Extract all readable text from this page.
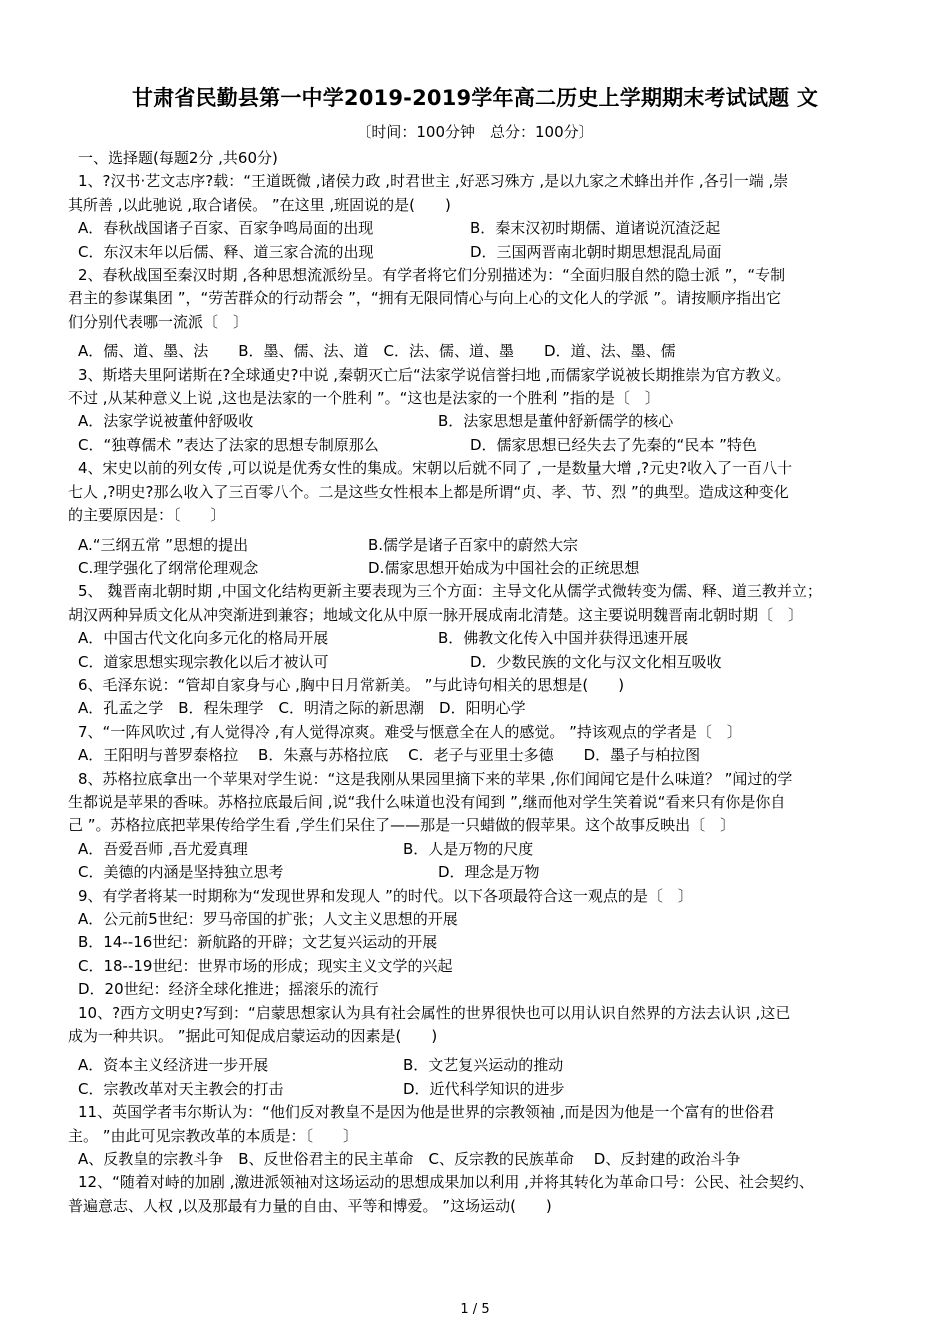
甘肃省民勤县第一中学2019-2019学年高二历史上学期期末考试试题 文
〔时间：100分钟　总分：100分〕
一、选择题(每题2分 ,共60分)
1、?汉书·艺文志序?载：“王道既微 ,诸侯力政 ,时君世主 ,好恶习殊方 ,是以九家之术蜂出并作 ,各引一端 ,崇
其所善 ,以此驰说 ,取合诸侯。 ”在这里 ,班固说的是(　　)
A．春秋战国诸子百家、百家争鸣局面的出现	B．秦末汉初时期儒、道诸说沉渣泛起
C．东汉末年以后儒、释、道三家合流的出现	D．三国两晋南北朝时期思想混乱局面
2、春秋战国至秦汉时期 ,各种思想流派纷呈。有学者将它们分别描述为：“全面归服自然的隐士派 ”，“专制
君主的参谋集团 ”，“劳苦群众的行动帮会 ”，“拥有无限同情心与向上心的文化人的学派 ”。请按顺序指出它
们分别代表哪一流派〔　〕
A．儒、道、墨、法　　B．墨、儒、法、道　C．法、儒、道、墨　　D．道、法、墨、儒
3、斯塔夫里阿诺斯在?全球通史?中说 ,秦朝灭亡后“法家学说信誉扫地 ,而儒家学说被长期推崇为官方教义。
不过 ,从某种意义上说 ,这也是法家的一个胜利 ”。“这也是法家的一个胜利 ”指的是〔　〕
A．法家学说被董仲舒吸收	B．法家思想是董仲舒新儒学的核心
C．“独尊儒术 ”表达了法家的思想专制原那么	D．儒家思想已经失去了先秦的“民本 ”特色
4、宋史以前的列女传 ,可以说是优秀女性的集成。宋朝以后就不同了 ,一是数量大增 ,?元史?收入了一百八十
七人 ,?明史?那么收入了三百零八个。二是这些女性根本上都是所谓“贞、孝、节、烈 ”的典型。造成这种变化
的主要原因是：〔　　〕
A.“三纲五常 ”思想的提出	B.儒学是诸子百家中的蔚然大宗
C.理学强化了纲常伦理观念	D.儒家思想开始成为中国社会的正统思想
5、 魏晋南北朝时期 ,中国文化结构更新主要表现为三个方面：主导文化从儒学式微转变为儒、释、道三教并立；
胡汉两种异质文化从冲突渐进到兼容；地域文化从中原一脉开展成南北清楚。这主要说明魏晋南北朝时期〔　〕
A．中国古代文化向多元化的格局开展	B．佛教文化传入中国并获得迅速开展
C．道家思想实现宗教化以后才被认可	D．少数民族的文化与汉文化相互吸收
6、毛泽东说：“管却自家身与心 ,胸中日月常新美。 ”与此诗句相关的思想是(　　)
A．孔孟之学　B．程朱理学　C．明清之际的新思潮　D．阳明心学
7、“一阵风吹过 ,有人觉得冷 ,有人觉得凉爽。难受与惬意全在人的感觉。 ”持该观点的学者是〔　〕
A．王阳明与普罗泰格拉　 B．朱熹与苏格拉底　 C．老子与亚里士多德　　D．墨子与柏拉图
8、苏格拉底拿出一个苹果对学生说：“这是我刚从果园里摘下来的苹果 ,你们闻闻它是什么味道？ ”闻过的学
生都说是苹果的香味。苏格拉底最后间 ,说“我什么味道也没有闻到 ”,继而他对学生笑着说“看来只有你是你自
己 ”。苏格拉底把苹果传给学生看 ,学生们呆住了——那是一只蜡做的假苹果。这个故事反映出〔　〕
A．吾爱吾师 ,吾尤爱真理	B．人是万物的尺度
C．美德的内涵是坚持独立思考	D．理念是万物
9、有学者将某一时期称为“发现世界和发现人 ”的时代。以下各项最符合这一观点的是〔　〕
A．公元前5世纪：罗马帝国的扩张；人文主义思想的开展
B．14--16世纪：新航路的开辟；文艺复兴运动的开展
C．18--19世纪：世界市场的形成；现实主义文学的兴起
D．20世纪：经济全球化推进；摇滚乐的流行
10、?西方文明史?写到：“启蒙思想家认为具有社会属性的世界很快也可以用认识自然界的方法去认识 ,这已
成为一种共识。 ”据此可知促成启蒙运动的因素是(　　)
A．资本主义经济进一步开展	B．文艺复兴运动的推动
C．宗教改革对天主教会的打击	D．近代科学知识的进步
11、英国学者韦尔斯认为：“他们反对教皇不是因为他是世界的宗教领袖 ,而是因为他是一个富有的世俗君
主。 ”由此可见宗教改革的本质是：〔　　〕
A、反教皇的宗教斗争　B、反世俗君主的民主革命　C、反宗教的民族革命　 D、反封建的政治斗争
12、“随着对峙的加剧 ,激进派领袖对这场运动的思想成果加以利用 ,并将其转化为革命口号：公民、社会契约、
普遍意志、人权 ,以及那最有力量的自由、平等和博爱。 ”这场运动(　　)
1 / 5
